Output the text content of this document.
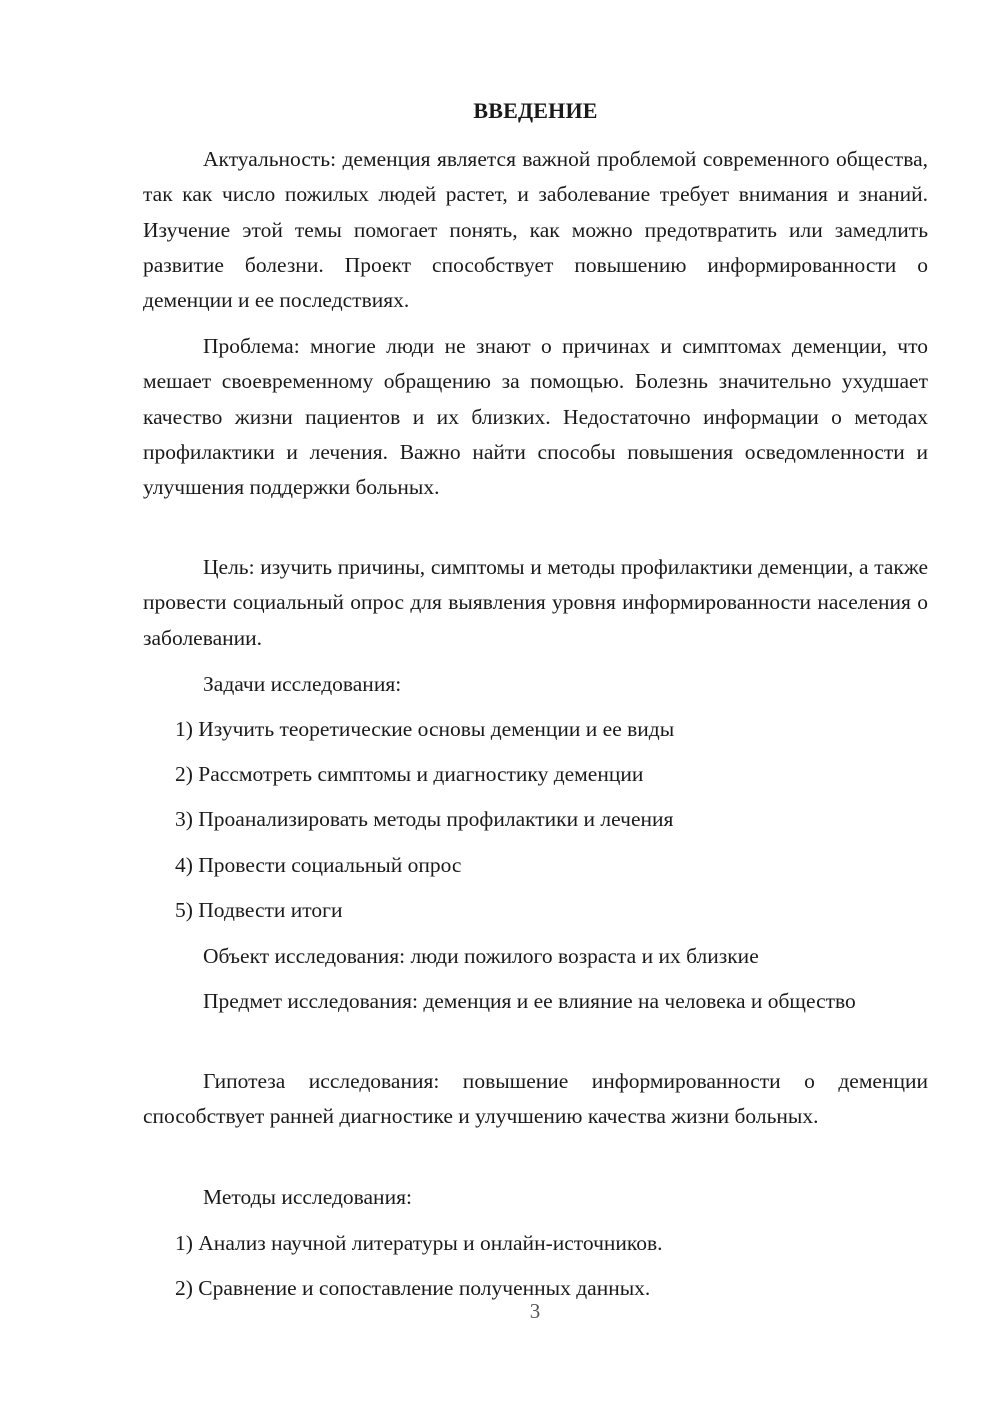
ВВЕДЕНИЕ

Актуальность: деменция является важной проблемой современного общества, так как число пожилых людей растет, и заболевание требует внимания и знаний. Изучение этой темы помогает понять, как можно предотвратить или замедлить развитие болезни. Проект способствует повышению информированности о деменции и ее последствиях.

Проблема: многие люди не знают о причинах и симптомах деменции, что мешает своевременному обращению за помощью. Болезнь значительно ухудшает качество жизни пациентов и их близких. Недостаточно информации о методах профилактики и лечения. Важно найти способы повышения осведомленности и улучшения поддержки больных.

Цель: изучить причины, симптомы и методы профилактики деменции, а также провести социальный опрос для выявления уровня информированности населения о заболевании.

Задачи исследования:
1) Изучить теоретические основы деменции и ее виды
2) Рассмотреть симптомы и диагностику деменции
3) Проанализировать методы профилактики и лечения
4) Провести социальный опрос
5) Подвести итоги
Объект исследования: люди пожилого возраста и их близкие

Предмет исследования: деменция и ее влияние на человека и общество

Гипотеза исследования: повышение информированности о деменции способствует ранней диагностике и улучшению качества жизни больных.

Методы исследования:
1) Анализ научной литературы и онлайн-источников.
2) Сравнение и сопоставление полученных данных.
3
